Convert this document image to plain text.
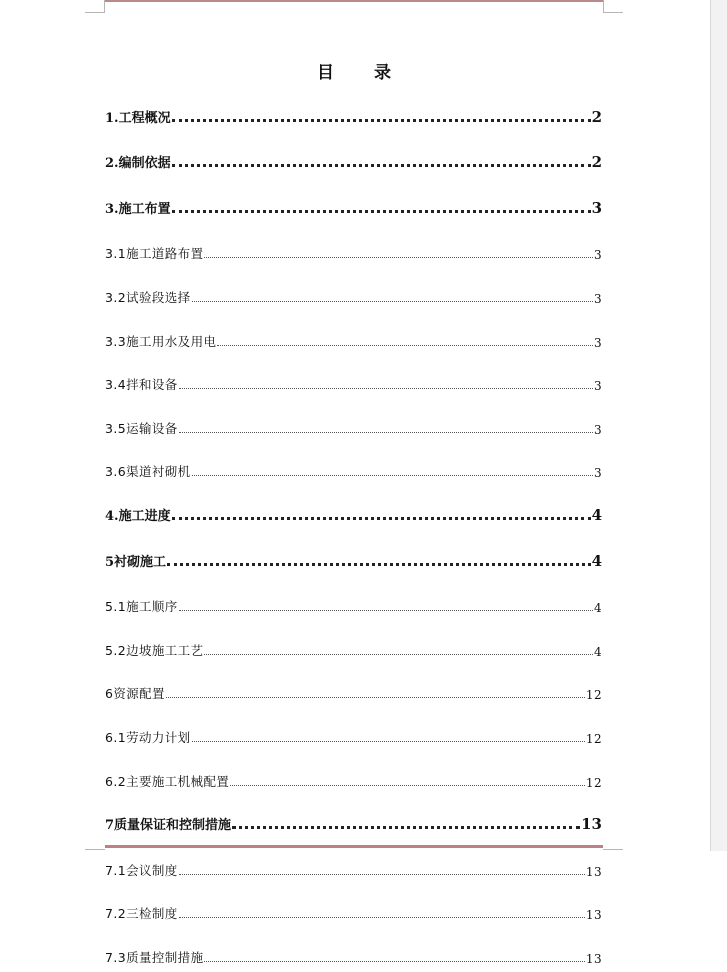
目　　录
1.工程概况	2
2.编制依据	2
3.施工布置	3
3.1施工道路布置	3
3.2试验段选择	3
3.3施工用水及用电	3
3.4拌和设备	3
3.5运输设备	3
3.6渠道衬砌机	3
4.施工进度	4
5衬砌施工	4
5.1施工顺序	4
5.2边坡施工工艺	4
6资源配置	12
6.1劳动力计划	12
6.2主要施工机械配置	12
7质量保证和控制措施	13
7.1会议制度	13
7.2三检制度	13
7.3质量控制措施	13
